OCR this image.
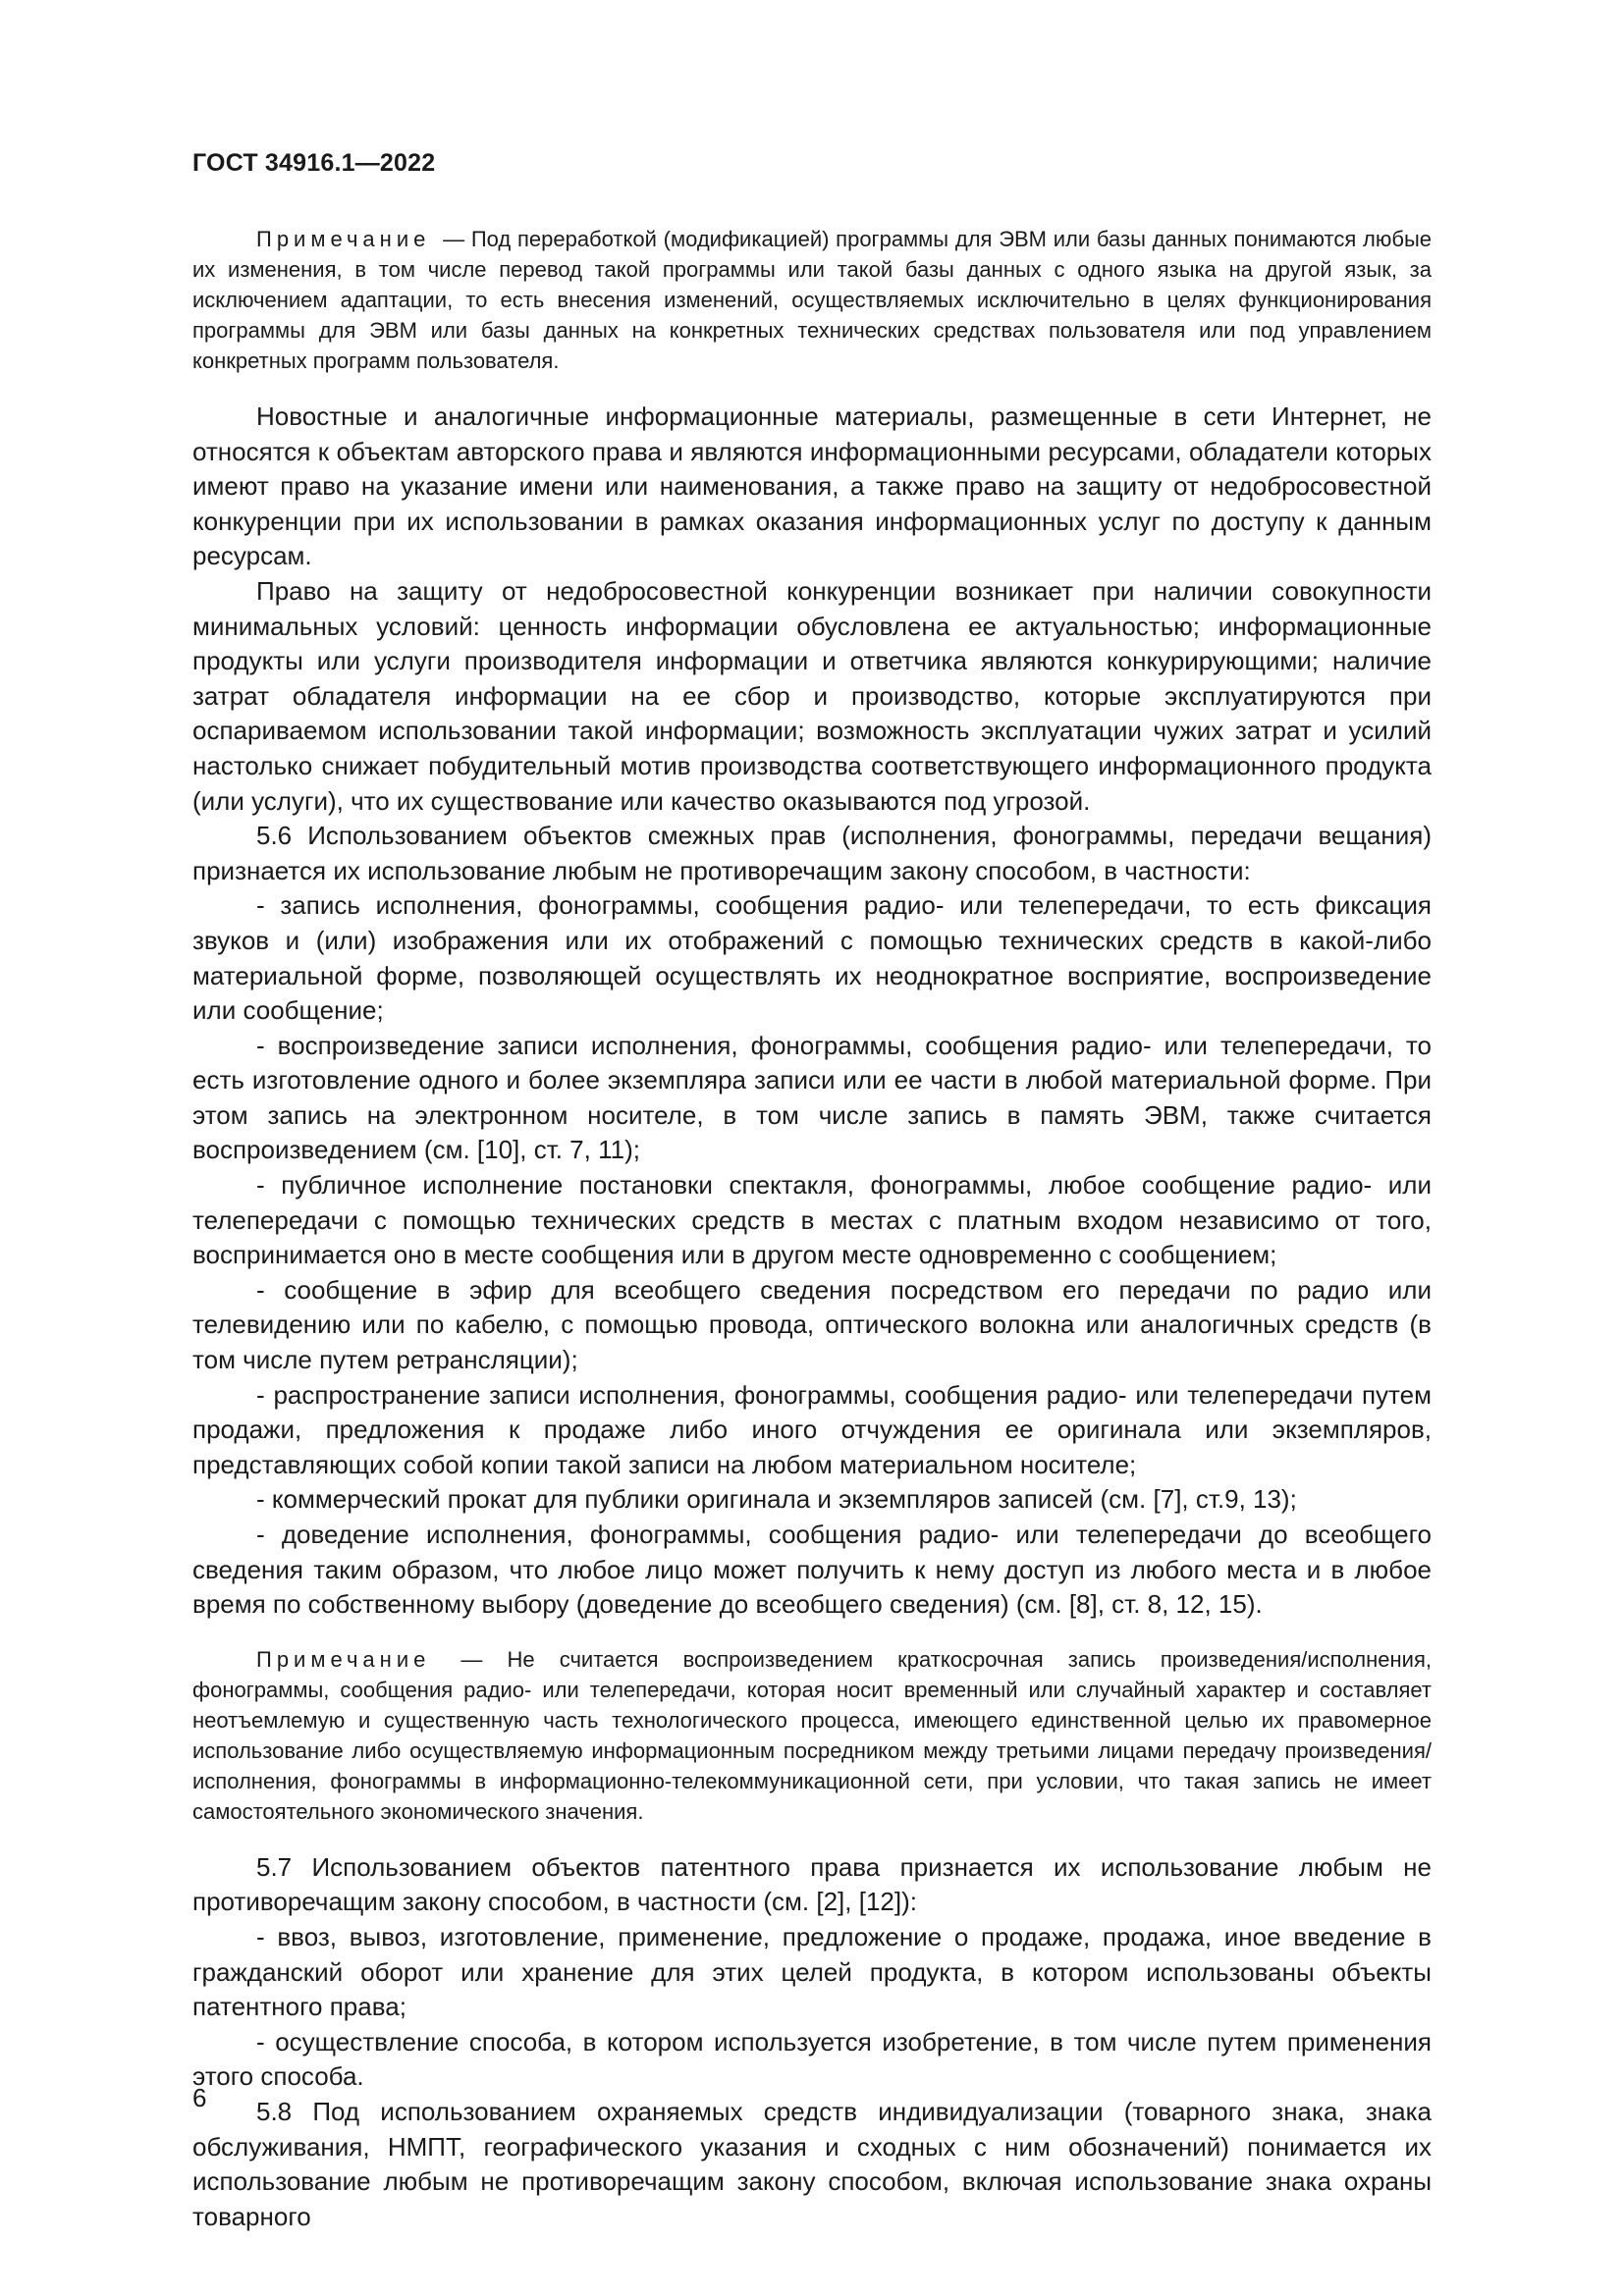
ГОСТ 34916.1—2022

Примечание — Под переработкой (модификацией) программы для ЭВМ или базы данных понимаются любые их изменения, в том числе перевод такой программы или такой базы данных с одного языка на другой язык, за исключением адаптации, то есть внесения изменений, осуществляемых исключительно в целях функционирования программы для ЭВМ или базы данных на конкретных технических средствах пользователя или под управлением конкретных программ пользователя.

Новостные и аналогичные информационные материалы, размещенные в сети Интернет, не относятся к объектам авторского права и являются информационными ресурсами, обладатели которых имеют право на указание имени или наименования, а также право на защиту от недобросовестной конкуренции при их использовании в рамках оказания информационных услуг по доступу к данным ресурсам.

Право на защиту от недобросовестной конкуренции возникает при наличии совокупности минимальных условий: ценность информации обусловлена ее актуальностью; информационные продукты или услуги производителя информации и ответчика являются конкурирующими; наличие затрат обладателя информации на ее сбор и производство, которые эксплуатируются при оспариваемом использовании такой информации; возможность эксплуатации чужих затрат и усилий настолько снижает побудительный мотив производства соответствующего информационного продукта (или услуги), что их существование или качество оказываются под угрозой.

5.6 Использованием объектов смежных прав (исполнения, фонограммы, передачи вещания) признается их использование любым не противоречащим закону способом, в частности:

- запись исполнения, фонограммы, сообщения радио- или телепередачи, то есть фиксация звуков и (или) изображения или их отображений с помощью технических средств в какой-либо материальной форме, позволяющей осуществлять их неоднократное восприятие, воспроизведение или сообщение;

- воспроизведение записи исполнения, фонограммы, сообщения радио- или телепередачи, то есть изготовление одного и более экземпляра записи или ее части в любой материальной форме. При этом запись на электронном носителе, в том числе запись в память ЭВМ, также считается воспроизведением (см. [10], ст. 7, 11);

- публичное исполнение постановки спектакля, фонограммы, любое сообщение радио- или телепередачи с помощью технических средств в местах с платным входом независимо от того, воспринимается оно в месте сообщения или в другом месте одновременно с сообщением;

- сообщение в эфир для всеобщего сведения посредством его передачи по радио или телевидению или по кабелю, с помощью провода, оптического волокна или аналогичных средств (в том числе путем ретрансляции);

- распространение записи исполнения, фонограммы, сообщения радио- или телепередачи путем продажи, предложения к продаже либо иного отчуждения ее оригинала или экземпляров, представляющих собой копии такой записи на любом материальном носителе;

- коммерческий прокат для публики оригинала и экземпляров записей (см. [7], ст.9, 13);

- доведение исполнения, фонограммы, сообщения радио- или телепередачи до всеобщего сведения таким образом, что любое лицо может получить к нему доступ из любого места и в любое время по собственному выбору (доведение до всеобщего сведения) (см. [8], ст. 8, 12, 15).

Примечание — Не считается воспроизведением краткосрочная запись произведения/исполнения, фонограммы, сообщения радио- или телепередачи, которая носит временный или случайный характер и составляет неотъемлемую и существенную часть технологического процесса, имеющего единственной целью их правомерное использование либо осуществляемую информационным посредником между третьими лицами передачу произведения/исполнения, фонограммы в информационно-телекоммуникационной сети, при условии, что такая запись не имеет самостоятельного экономического значения.

5.7 Использованием объектов патентного права признается их использование любым не противоречащим закону способом, в частности (см. [2], [12]):

- ввоз, вывоз, изготовление, применение, предложение о продаже, продажа, иное введение в гражданский оборот или хранение для этих целей продукта, в котором использованы объекты патентного права;

- осуществление способа, в котором используется изобретение, в том числе путем применения этого способа.

5.8 Под использованием охраняемых средств индивидуализации (товарного знака, знака обслуживания, НМПТ, географического указания и сходных с ним обозначений) понимается их использование любым не противоречащим закону способом, включая использование знака охраны товарного

6
